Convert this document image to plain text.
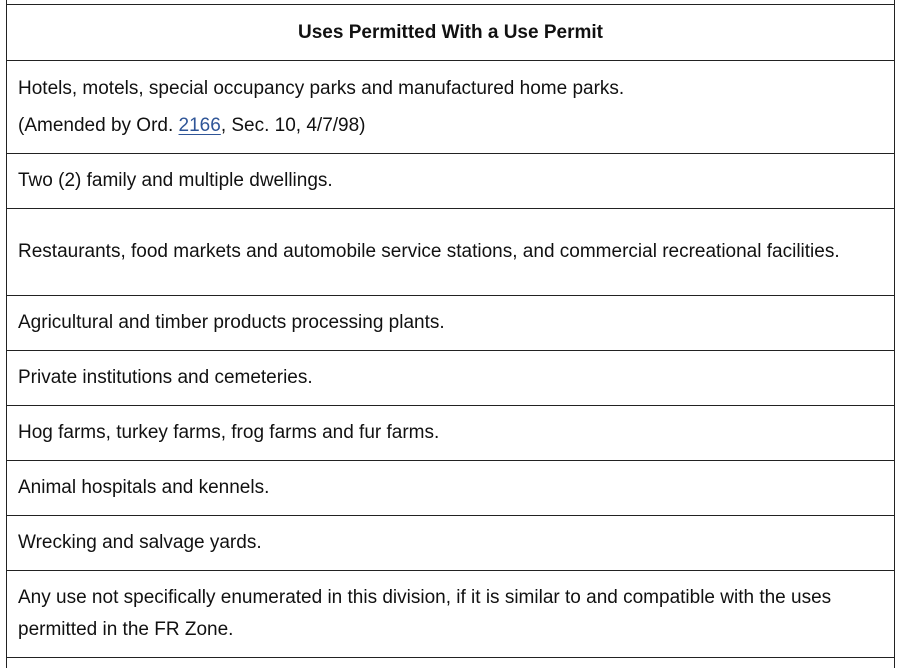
Uses Permitted With a Use Permit

Hotels, motels, special occupancy parks and manufactured home parks.
(Amended by Ord. 2166, Sec. 10, 4/7/98)

Two (2) family and multiple dwellings.
Restaurants, food markets and automobile service stations, and commercial recreational facilities.
Agricultural and timber products processing plants.
Private institutions and cemeteries.
Hog farms, turkey farms, frog farms and fur farms.
Animal hospitals and kennels.
Wrecking and salvage yards.
Any use not specifically enumerated in this division, if it is similar to and compatible with the uses permitted in the FR Zone.
